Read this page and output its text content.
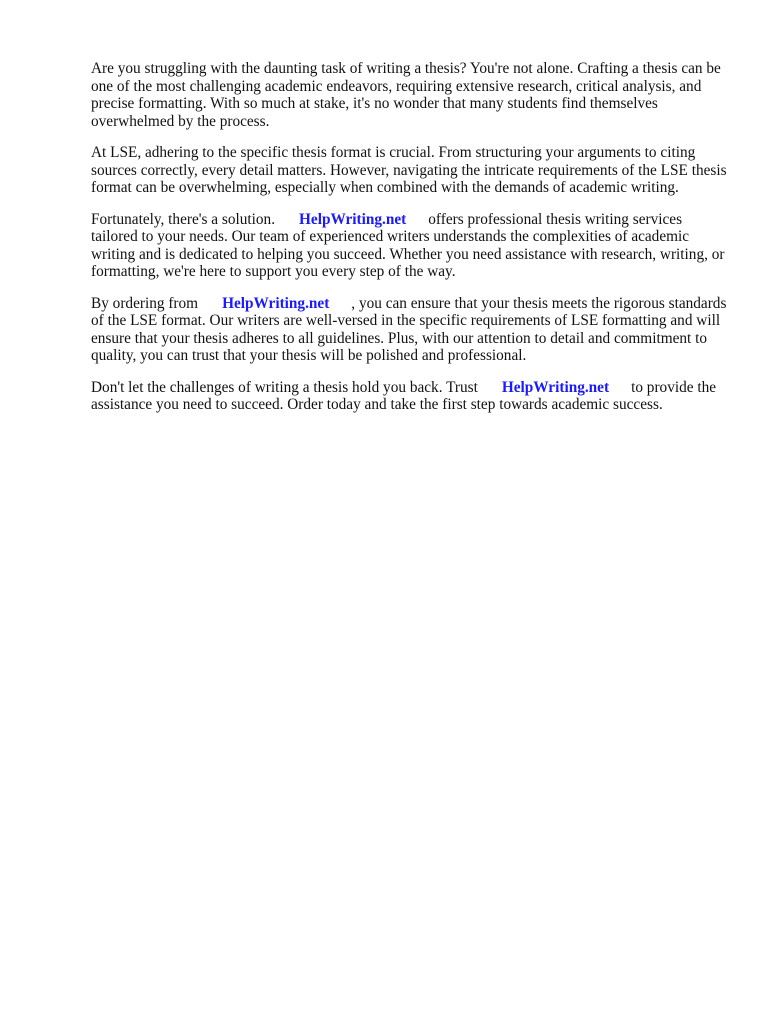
Are you struggling with the daunting task of writing a thesis? You're not alone. Crafting a thesis can be one of the most challenging academic endeavors, requiring extensive research, critical analysis, and precise formatting. With so much at stake, it's no wonder that many students find themselves overwhelmed by the process.

At LSE, adhering to the specific thesis format is crucial. From structuring your arguments to citing sources correctly, every detail matters. However, navigating the intricate requirements of the LSE thesis format can be overwhelming, especially when combined with the demands of academic writing.

Fortunately, there's a solution. HelpWriting.net offers professional thesis writing services tailored to your needs. Our team of experienced writers understands the complexities of academic writing and is dedicated to helping you succeed. Whether you need assistance with research, writing, or formatting, we're here to support you every step of the way.

By ordering from HelpWriting.net , you can ensure that your thesis meets the rigorous standards of the LSE format. Our writers are well-versed in the specific requirements of LSE formatting and will ensure that your thesis adheres to all guidelines. Plus, with our attention to detail and commitment to quality, you can trust that your thesis will be polished and professional.

Don't let the challenges of writing a thesis hold you back. Trust HelpWriting.net to provide the assistance you need to succeed. Order today and take the first step towards academic success.
